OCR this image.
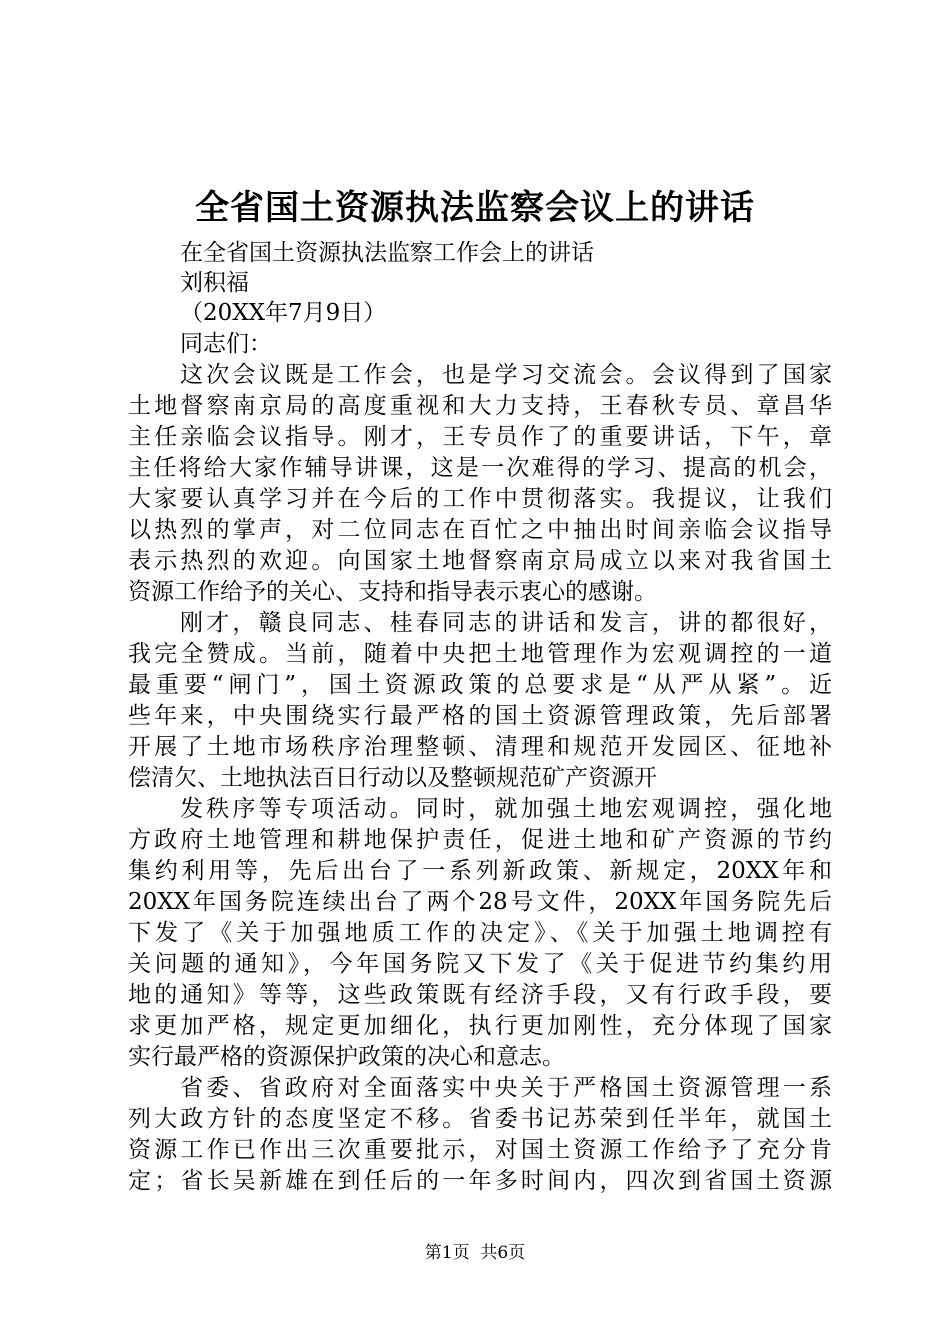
全省国土资源执法监察会议上的讲话

在全省国土资源执法监察工作会上的讲话

刘积福

（20XX年7月9日）

同志们：

这次会议既是工作会，也是学习交流会。会议得到了国家

土地督察南京局的高度重视和大力支持，王春秋专员、章昌华

主任亲临会议指导。刚才，王专员作了的重要讲话，下午，章

主任将给大家作辅导讲课，这是一次难得的学习、提高的机会，

大家要认真学习并在今后的工作中贯彻落实。我提议，让我们

以热烈的掌声，对二位同志在百忙之中抽出时间亲临会议指导

表示热烈的欢迎。向国家土地督察南京局成立以来对我省国土

资源工作给予的关心、支持和指导表示衷心的感谢。

刚才，赣良同志、桂春同志的讲话和发言，讲的都很好，

我完全赞成。当前，随着中央把土地管理作为宏观调控的一道

最重要“闸门”，国土资源政策的总要求是“从严从紧”。近

些年来，中央围绕实行最严格的国土资源管理政策，先后部署

开展了土地市场秩序治理整顿、清理和规范开发园区、征地补

偿清欠、土地执法百日行动以及整顿规范矿产资源开

发秩序等专项活动。同时，就加强土地宏观调控，强化地

方政府土地管理和耕地保护责任，促进土地和矿产资源的节约

集约利用等，先后出台了一系列新政策、新规定，20XX年和

20XX年国务院连续出台了两个28号文件，20XX年国务院先后

下发了《关于加强地质工作的决定》、《关于加强土地调控有

关问题的通知》，今年国务院又下发了《关于促进节约集约用

地的通知》等等，这些政策既有经济手段，又有行政手段，要

求更加严格，规定更加细化，执行更加刚性，充分体现了国家

实行最严格的资源保护政策的决心和意志。

省委、省政府对全面落实中央关于严格国土资源管理一系

列大政方针的态度坚定不移。省委书记苏荣到任半年，就国土

资源工作已作出三次重要批示，对国土资源工作给予了充分肯

定；省长吴新雄在到任后的一年多时间内，四次到省国土资源

第1页  共6页
